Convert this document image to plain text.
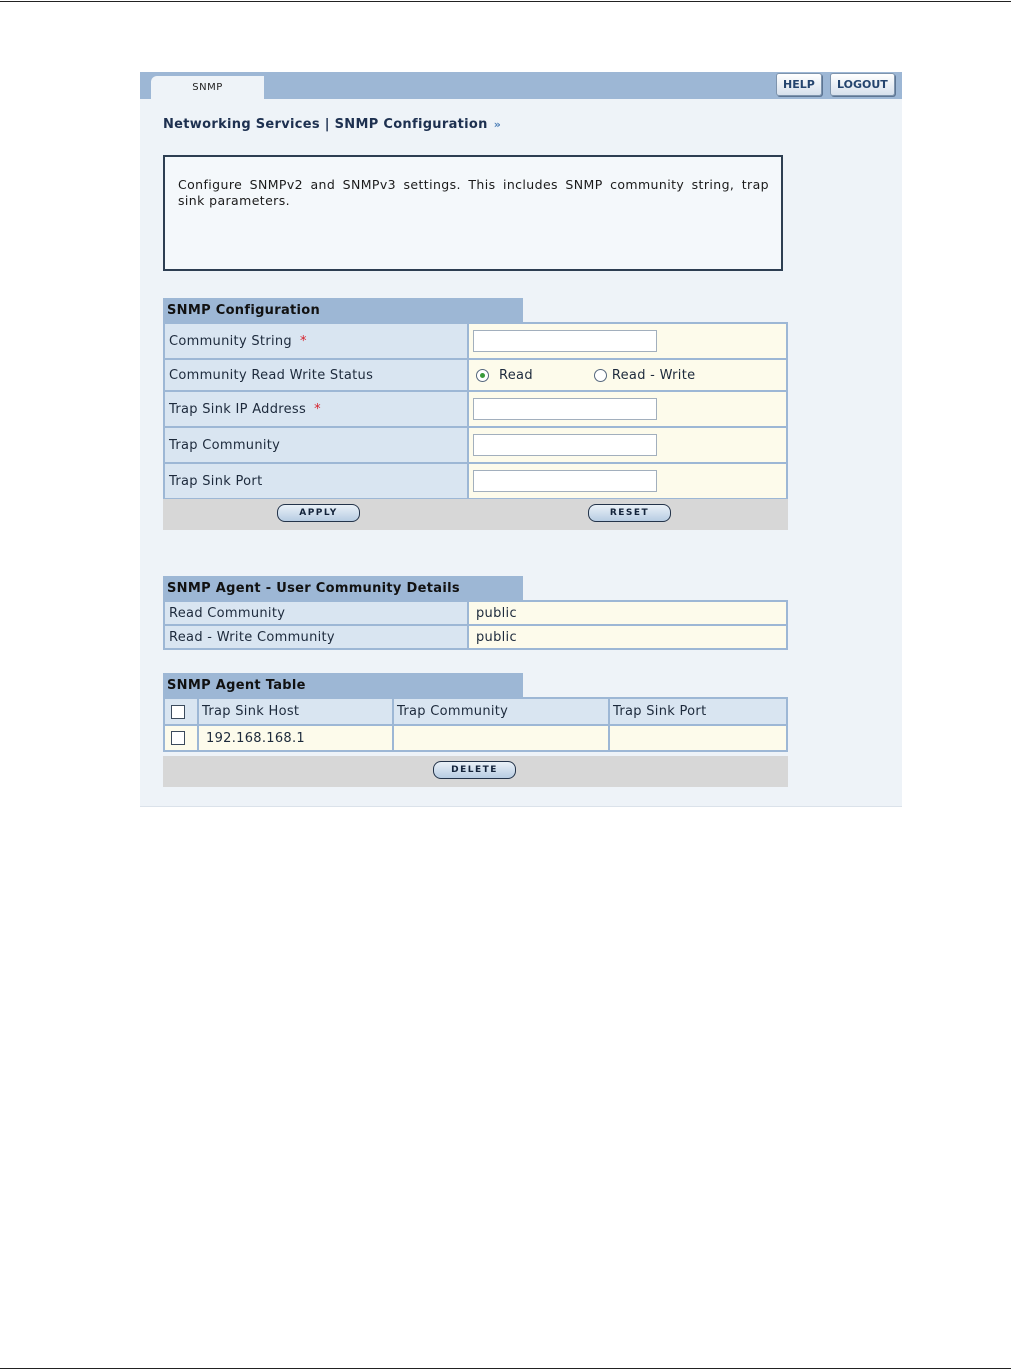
SNMP	HELP	LOGOUT
Networking Services | SNMP Configuration »
Configure SNMPv2 and SNMPv3 settings. This includes SNMP community string, trap sink parameters.
SNMP Configuration
Community String *	

Community Read Write Status	Read Read - Write

Trap Sink IP Address *	

Trap Community	

Trap Sink Port	
APPLY	RESET
SNMP Agent - User Community Details
Read Community	public
Read - Write Community	public
SNMP Agent Table
	Trap Sink Host	Trap Community	Trap Sink Port
	192.168.168.1		
DELETE
